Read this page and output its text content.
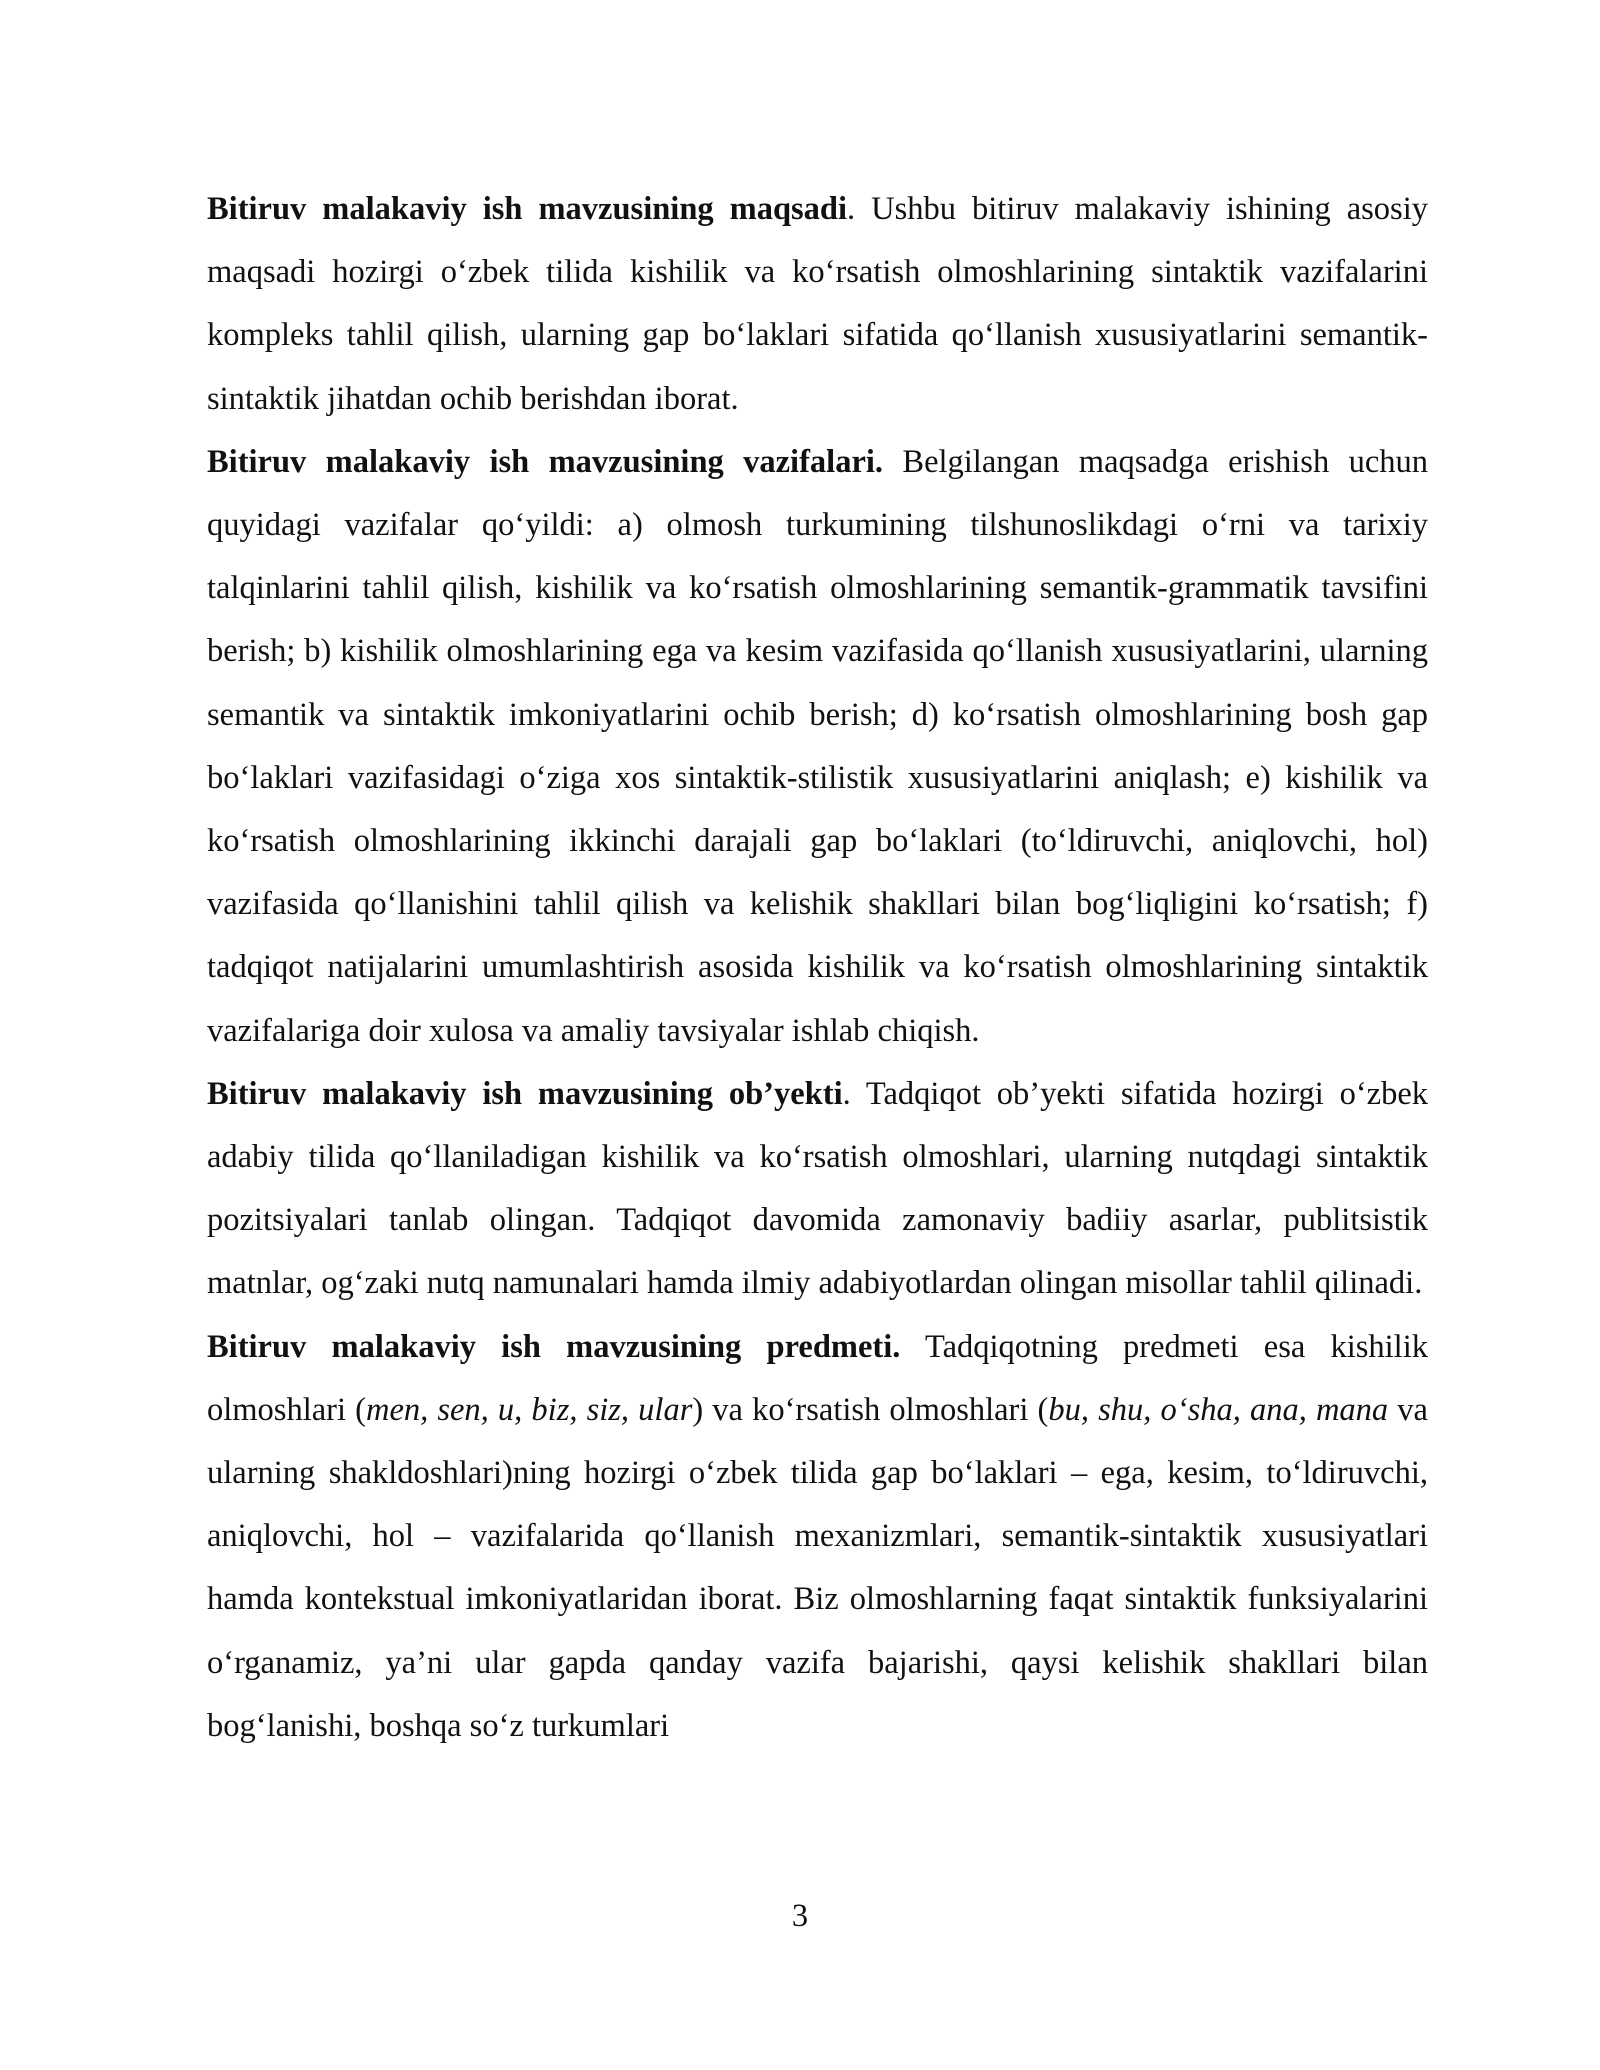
Bitiruv malakaviy ish mavzusining maqsadi. Ushbu bitiruv malakaviy ishining asosiy maqsadi hozirgi o‘zbek tilida kishilik va ko‘rsatish olmoshlarining sintaktik vazifalarini kompleks tahlil qilish, ularning gap bo‘laklari sifatida qo‘llanish xususiyatlarini semantik-sintaktik jihatdan ochib berishdan iborat.

Bitiruv malakaviy ish mavzusining vazifalari. Belgilangan maqsadga erishish uchun quyidagi vazifalar qo‘yildi: a) olmosh turkumining tilshunoslikdagi o‘rni va tarixiy talqinlarini tahlil qilish, kishilik va ko‘rsatish olmoshlarining semantik-grammatik tavsifini berish; b) kishilik olmoshlarining ega va kesim vazifasida qo‘llanish xususiyatlarini, ularning semantik va sintaktik imkoniyatlarini ochib berish; d) ko‘rsatish olmoshlarining bosh gap bo‘laklari vazifasidagi o‘ziga xos sintaktik-stilistik xususiyatlarini aniqlash; e) kishilik va ko‘rsatish olmoshlarining ikkinchi darajali gap bo‘laklari (to‘ldiruvchi, aniqlovchi, hol) vazifasida qo‘llanishini tahlil qilish va kelishik shakllari bilan bog‘liqligini ko‘rsatish; f) tadqiqot natijalarini umumlashtirish asosida kishilik va ko‘rsatish olmoshlarining sintaktik vazifalariga doir xulosa va amaliy tavsiyalar ishlab chiqish.

Bitiruv malakaviy ish mavzusining ob’yekti. Tadqiqot ob’yekti sifatida hozirgi o‘zbek adabiy tilida qo‘llaniladigan kishilik va ko‘rsatish olmoshlari, ularning nutqdagi sintaktik pozitsiyalari tanlab olingan. Tadqiqot davomida zamonaviy badiiy asarlar, publitsistik matnlar, og‘zaki nutq namunalari hamda ilmiy adabiyotlardan olingan misollar tahlil qilinadi.

Bitiruv malakaviy ish mavzusining predmeti. Tadqiqotning predmeti esa kishilik olmoshlari (men, sen, u, biz, siz, ular) va ko‘rsatish olmoshlari (bu, shu, o‘sha, ana, mana va ularning shakldoshlari)ning hozirgi o‘zbek tilida gap bo‘laklari – ega, kesim, to‘ldiruvchi, aniqlovchi, hol – vazifalarida qo‘llanish mexanizmlari, semantik-sintaktik xususiyatlari hamda kontekstual imkoniyatlaridan iborat. Biz olmoshlarning faqat sintaktik funksiyalarini o‘rganamiz, ya’ni ular gapda qanday vazifa bajarishi, qaysi kelishik shakllari bilan bog‘lanishi, boshqa so‘z turkumlari

3
